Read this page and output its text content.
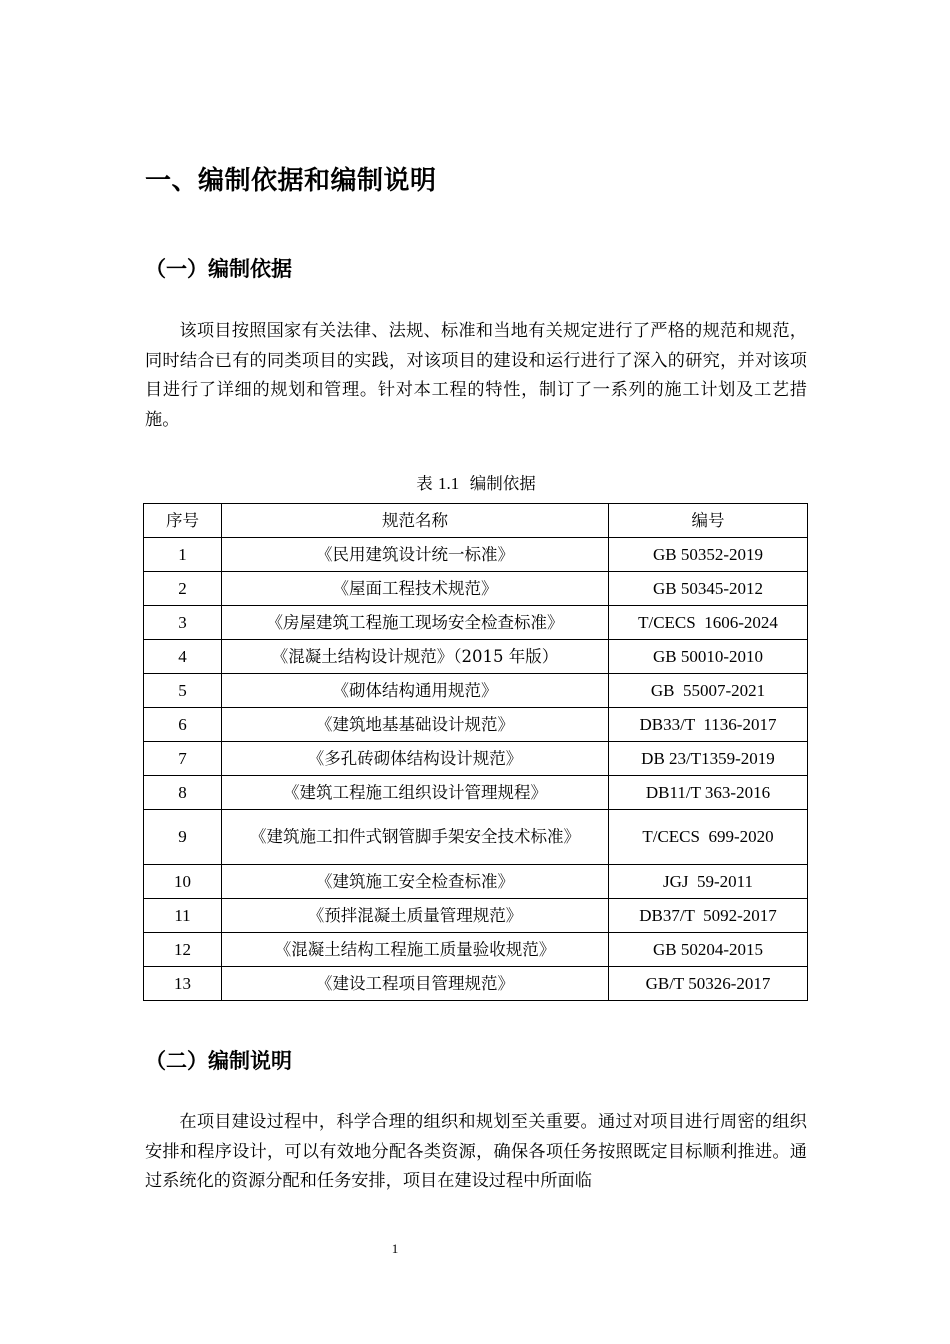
一、编制依据和编制说明
（一）编制依据
该项目按照国家有关法律、法规、标准和当地有关规定进行了严格的规范和规范，同时结合已有的同类项目的实践，对该项目的建设和运行进行了深入的研究，并对该项目进行了详细的规划和管理。针对本工程的特性，制订了一系列的施工计划及工艺措施。
表 1.1 编制依据
序号	规范名称	编号
1	《民用建筑设计统一标准》	GB 50352-2019
2	《屋面工程技术规范》	GB 50345-2012
3	《房屋建筑工程施工现场安全检查标准》	T/CECS  1606-2024
4	《混凝土结构设计规范》（2015 年版）	GB 50010-2010
5	《砌体结构通用规范》	GB  55007-2021
6	《建筑地基基础设计规范》	DB33/T  1136-2017
7	《多孔砖砌体结构设计规范》	DB 23/T1359-2019
8	《建筑工程施工组织设计管理规程》	DB11/T 363-2016
9	《建筑施工扣件式钢管脚手架安全技术标准》	T/CECS  699-2020
10	《建筑施工安全检查标准》	JGJ  59-2011
11	《预拌混凝土质量管理规范》	DB37/T  5092-2017
12	《混凝土结构工程施工质量验收规范》	GB 50204-2015
13	《建设工程项目管理规范》	GB/T 50326-2017
（二）编制说明
在项目建设过程中，科学合理的组织和规划至关重要。通过对项目进行周密的组织安排和程序设计，可以有效地分配各类资源，确保各项任务按照既定目标顺利推进。通过系统化的资源分配和任务安排，项目在建设过程中所面临
1
